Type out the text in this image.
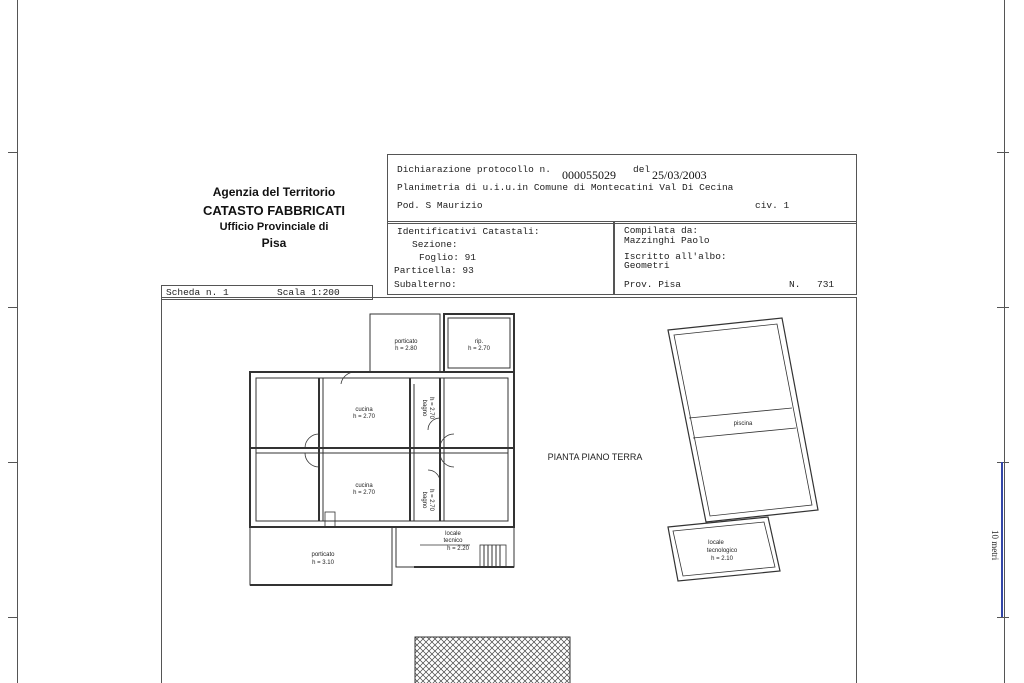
10 metri
Agenzia del Territorio
CATASTO FABBRICATI
Ufficio Provinciale di
Pisa
Dichiarazione protocollo n. 000055029 del 25/03/2003
Planimetria di u.i.u.in Comune di Montecatini Val Di Cecina
Pod. S Maurizio	civ. 1
Identificativi Catastali:
Sezione:
Foglio: 91
Particella: 93
Subalterno:
Compilata da:
Mazzinghi Paolo
Iscritto all'albo:
Geometri
Prov. Pisa	N. 731
Scheda n. 1	Scala 1:200
porticato
h = 2.80
rip.
h = 2.70
cucina
h = 2.70
bagno h = 2.70
cucina
h = 2.70	bagno h = 2.70
porticato
h = 3.10
locale
tecnico
h = 2.20
piscina
locale
tecnologico
h = 2.10
PIANTA PIANO TERRA
